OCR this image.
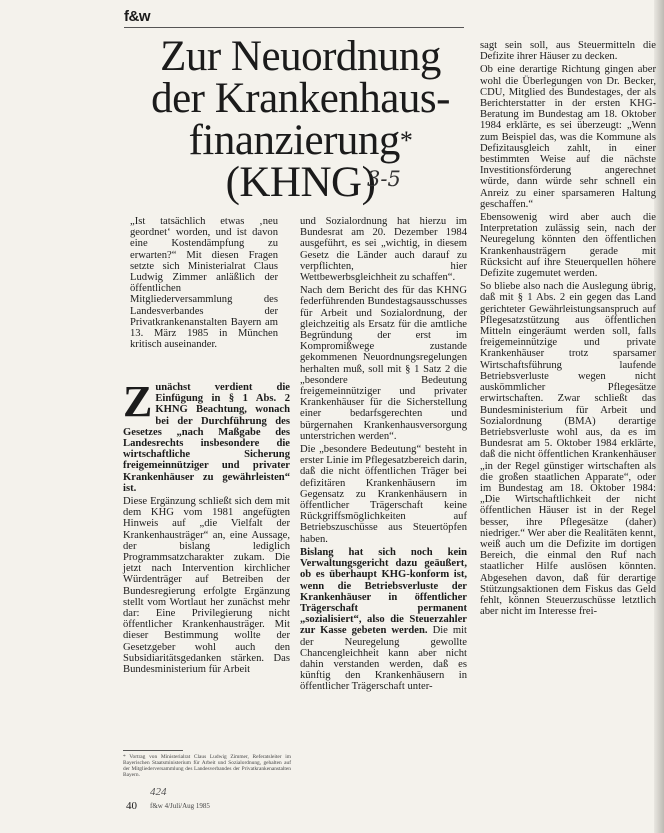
f&w
Zur Neuordnung
der Krankenhaus-
finanzierung*
(KHNG)
3-5
„Ist tatsächlich etwas ‚neu geordnet‘ worden, und ist davon eine Kostendämpfung zu erwarten?“ Mit diesen Fragen setzte sich Ministerialrat Claus Ludwig Zimmer anläßlich der öffentlichen Mitgliederversammlung des Landesverbandes der Privatkrankenanstalten Bayern am 13. März 1985 in München kritisch auseinander.

Zunächst verdient die Einfügung in § 1 Abs. 2 KHNG Beachtung, wonach bei der Durchführung des Gesetzes „nach Maßgabe des Landesrechts insbesondere die wirtschaftliche Sicherung freigemeinnütziger und privater Krankenhäuser zu gewährleisten“ ist.

Diese Ergänzung schließt sich dem mit dem KHG vom 1981 angefügten Hinweis auf „die Vielfalt der Krankenhausträger“ an, eine Aussage, der bislang lediglich Programmsatzcharakter zukam. Die jetzt nach Intervention kirchlicher Würdenträger auf Betreiben der Bundesregierung erfolgte Ergänzung stellt vom Wortlaut her zunächst mehr dar: Eine Privilegierung nicht öffentlicher Krankenhausträger. Mit dieser Bestimmung wollte der Gesetzgeber wohl auch den Subsidiaritätsgedanken stärken. Das Bundesministerium für Arbeit

und Sozialordnung hat hierzu im Bundesrat am 20. Dezember 1984 ausgeführt, es sei „wichtig, in diesem Gesetz die Länder auch darauf zu verpflichten, hier Wettbewerbsgleichheit zu schaffen“.

Nach dem Bericht des für das KHNG federführenden Bundestagsausschusses für Arbeit und Sozialordnung, der gleichzeitig als Ersatz für die amtliche Begründung der erst im Kompromißwege zustande gekommenen Neuordnungsregelungen herhalten muß, soll mit § 1 Satz 2 die „besondere Bedeutung freigemeinnütziger und privater Krankenhäuser für die Sicherstellung einer bedarfsgerechten und bürgernahen Krankenhausversorgung unterstrichen werden“.

Die „besondere Bedeutung“ besteht in erster Linie im Pflegesatzbereich darin, daß die nicht öffentlichen Träger bei defizitären Krankenhäusern im Gegensatz zu Krankenhäusern in öffentlicher Trägerschaft keine Rückgriffsmöglichkeiten auf Betriebszuschüsse aus Steuertöpfen haben.

Bislang hat sich noch kein Verwaltungsgericht dazu geäußert, ob es überhaupt KHG-konform ist, wenn die Betriebsverluste der Krankenhäuser in öffentlicher Trägerschaft permanent „sozialisiert“, also die Steuerzahler zur Kasse gebeten werden. Die mit der Neuregelung gewollte Chancengleichheit kann aber nicht dahin verstanden werden, daß es künftig den Krankenhäusern in öffentlicher Trägerschaft unter-

sagt sein soll, aus Steuermitteln die Defizite ihrer Häuser zu decken.

Ob eine derartige Richtung gingen aber wohl die Überlegungen von Dr. Becker, CDU, Mitglied des Bundestages, der als Berichterstatter in der ersten KHG-Beratung im Bundestag am 18. Oktober 1984 erklärte, es sei überzeugt: „Wenn zum Beispiel das, was die Kommune als Defizitausgleich zahlt, in einer bestimmten Weise auf die nächste Investitionsförderung angerechnet würde, dann würde sehr schnell ein Anreiz zu einer sparsameren Haltung geschaffen.“

Ebensowenig wird aber auch die Interpretation zulässig sein, nach der Neuregelung könnten den öffentlichen Krankenhausträgern gerade mit Rücksicht auf ihre Steuerquellen höhere Defizite zugemutet werden.

So bliebe also nach die Auslegung übrig, daß mit § 1 Abs. 2 ein gegen das Land gerichteter Gewährleistungsanspruch auf Pflegesatzstützung aus öffentlichen Mitteln eingeräumt werden soll, falls freigemeinnützige und private Krankenhäuser trotz sparsamer Wirtschaftsführung laufende Betriebsverluste wegen nicht auskömmlicher Pflegesätze erwirtschaften. Zwar schließt das Bundesministerium für Arbeit und Sozialordnung (BMA) derartige Betriebsverluste wohl aus, da es im Bundesrat am 5. Oktober 1984 erklärte, daß die nicht öffentlichen Krankenhäuser „in der Regel günstiger wirtschaften als die großen staatlichen Apparate“, oder im Bundestag am 18. Oktober 1984: „Die Wirtschaftlichkeit der nicht öffentlichen Häuser ist in der Regel besser, ihre Pflegesätze (daher) niedriger.“ Wer aber die Realitäten kennt, weiß auch um die Defizite im dortigen Bereich, die einmal den Ruf nach staatlicher Hilfe auslösen könnten. Abgesehen davon, daß für derartige Stützungsaktionen dem Fiskus das Geld fehlt, können Steuerzuschüsse letztlich aber nicht im Interesse frei-

* Vortrag von Ministerialrat Claus Ludwig Zimmer, Referatsleiter im Bayerischen Staatsministerium für Arbeit und Sozialordnung, gehalten auf der Mitgliederversammlung des Landesverbandes der Privatkrankenanstalten Bayern.
424
40 f&w 4/Juli/Aug 1985
